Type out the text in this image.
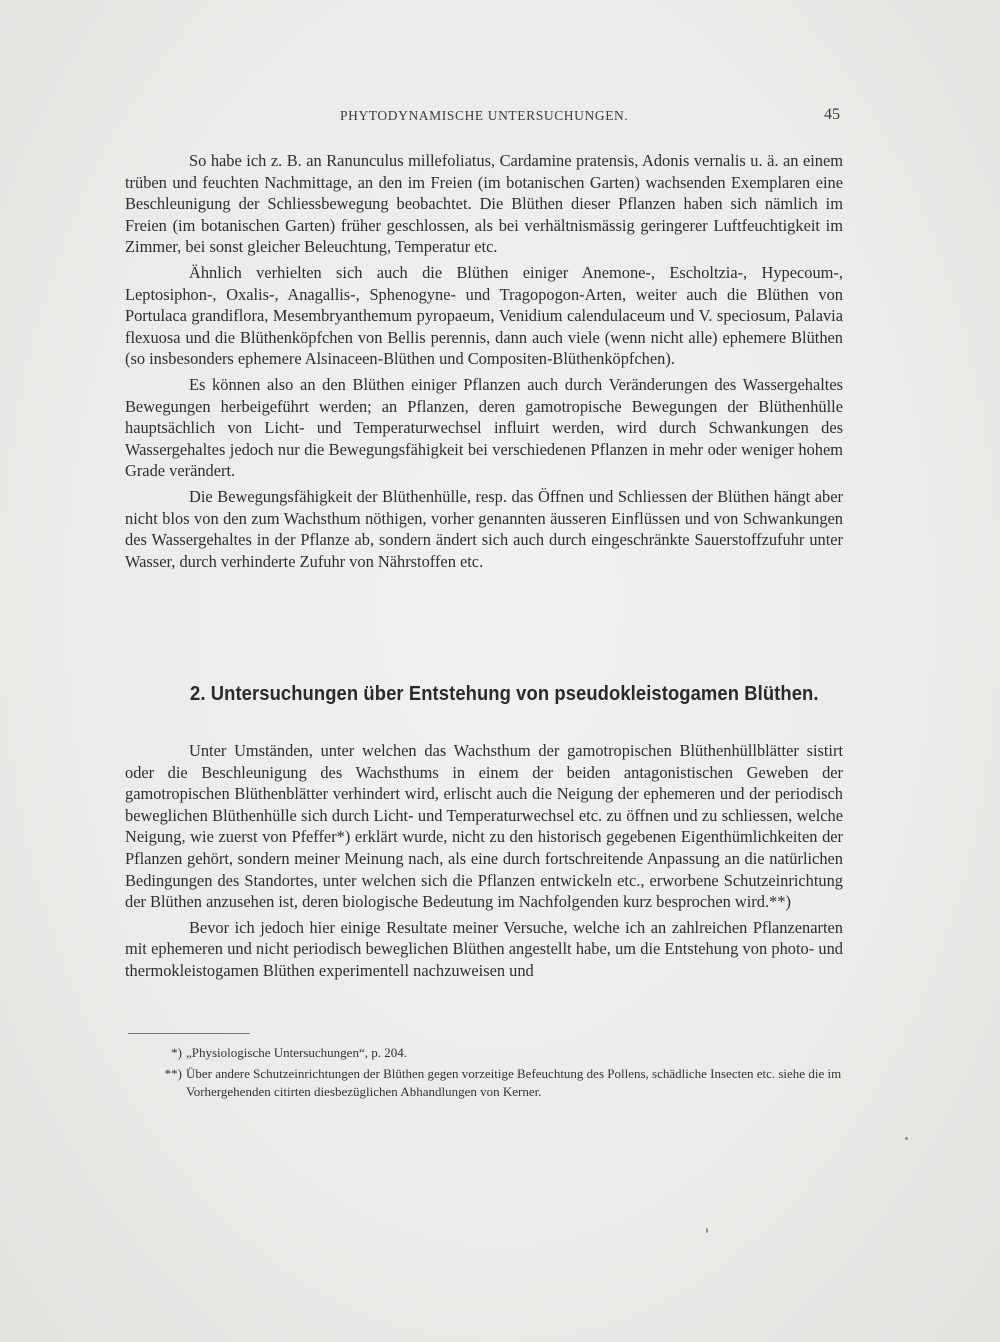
PHYTODYNAMISCHE UNTERSUCHUNGEN.	45

So habe ich z. B. an Ranunculus millefoliatus, Cardamine pratensis, Adonis vernalis u. ä. an einem trüben und feuchten Nachmittage, an den im Freien (im botanischen Garten) wachsenden Exemplaren eine Beschleunigung der Schliessbewegung beobachtet. Die Blüthen dieser Pflanzen haben sich nämlich im Freien (im botanischen Garten) früher geschlossen, als bei verhältnismässig geringerer Luftfeuchtigkeit im Zimmer, bei sonst gleicher Beleuchtung, Temperatur etc.

Ähnlich verhielten sich auch die Blüthen einiger Anemone-, Escholtzia-, Hypecoum-, Leptosiphon-, Oxalis-, Anagallis-, Sphenogyne- und Tragopogon-Arten, weiter auch die Blüthen von Portulaca grandiflora, Mesembryanthemum pyropaeum, Venidium calendulaceum und V. speciosum, Palavia flexuosa und die Blüthenköpfchen von Bellis perennis, dann auch viele (wenn nicht alle) ephemere Blüthen (so insbesonders ephemere Alsinaceen-Blüthen und Compositen-Blüthenköpfchen).

Es können also an den Blüthen einiger Pflanzen auch durch Veränderungen des Wassergehaltes Bewegungen herbeigeführt werden; an Pflanzen, deren gamotropische Bewegungen der Blüthenhülle hauptsächlich von Licht- und Temperaturwechsel influirt werden, wird durch Schwankungen des Wassergehaltes jedoch nur die Bewegungsfähigkeit bei verschiedenen Pflanzen in mehr oder weniger hohem Grade verändert.

Die Bewegungsfähigkeit der Blüthenhülle, resp. das Öffnen und Schliessen der Blüthen hängt aber nicht blos von den zum Wachsthum nöthigen, vorher genannten äusseren Einflüssen und von Schwankungen des Wassergehaltes in der Pflanze ab, sondern ändert sich auch durch eingeschränkte Sauerstoffzufuhr unter Wasser, durch verhinderte Zufuhr von Nährstoffen etc.

2. Untersuchungen über Entstehung von pseudokleistogamen Blüthen.

Unter Umständen, unter welchen das Wachsthum der gamotropischen Blüthenhüllblätter sistirt oder die Beschleunigung des Wachsthums in einem der beiden antagonistischen Geweben der gamotropischen Blüthenblätter verhindert wird, erlischt auch die Neigung der ephemeren und der periodisch beweglichen Blüthenhülle sich durch Licht- und Temperaturwechsel etc. zu öffnen und zu schliessen, welche Neigung, wie zuerst von Pfeffer*) erklärt wurde, nicht zu den historisch gegebenen Eigenthümlichkeiten der Pflanzen gehört, sondern meiner Meinung nach, als eine durch fortschreitende Anpassung an die natürlichen Bedingungen des Standortes, unter welchen sich die Pflanzen entwickeln etc., erworbene Schutzeinrichtung der Blüthen anzusehen ist, deren biologische Bedeutung im Nachfolgenden kurz besprochen wird.**)

Bevor ich jedoch hier einige Resultate meiner Versuche, welche ich an zahlreichen Pflanzenarten mit ephemeren und nicht periodisch beweglichen Blüthen angestellt habe, um die Entstehung von photo- und thermokleistogamen Blüthen experimentell nachzuweisen und

*) „Physiologische Untersuchungen“, p. 204.
**) Über andere Schutzeinrichtungen der Blüthen gegen vorzeitige Befeuchtung des Pollens, schädliche Insecten etc. siehe die im Vorhergehenden citirten diesbezüglichen Abhandlungen von Kerner.
